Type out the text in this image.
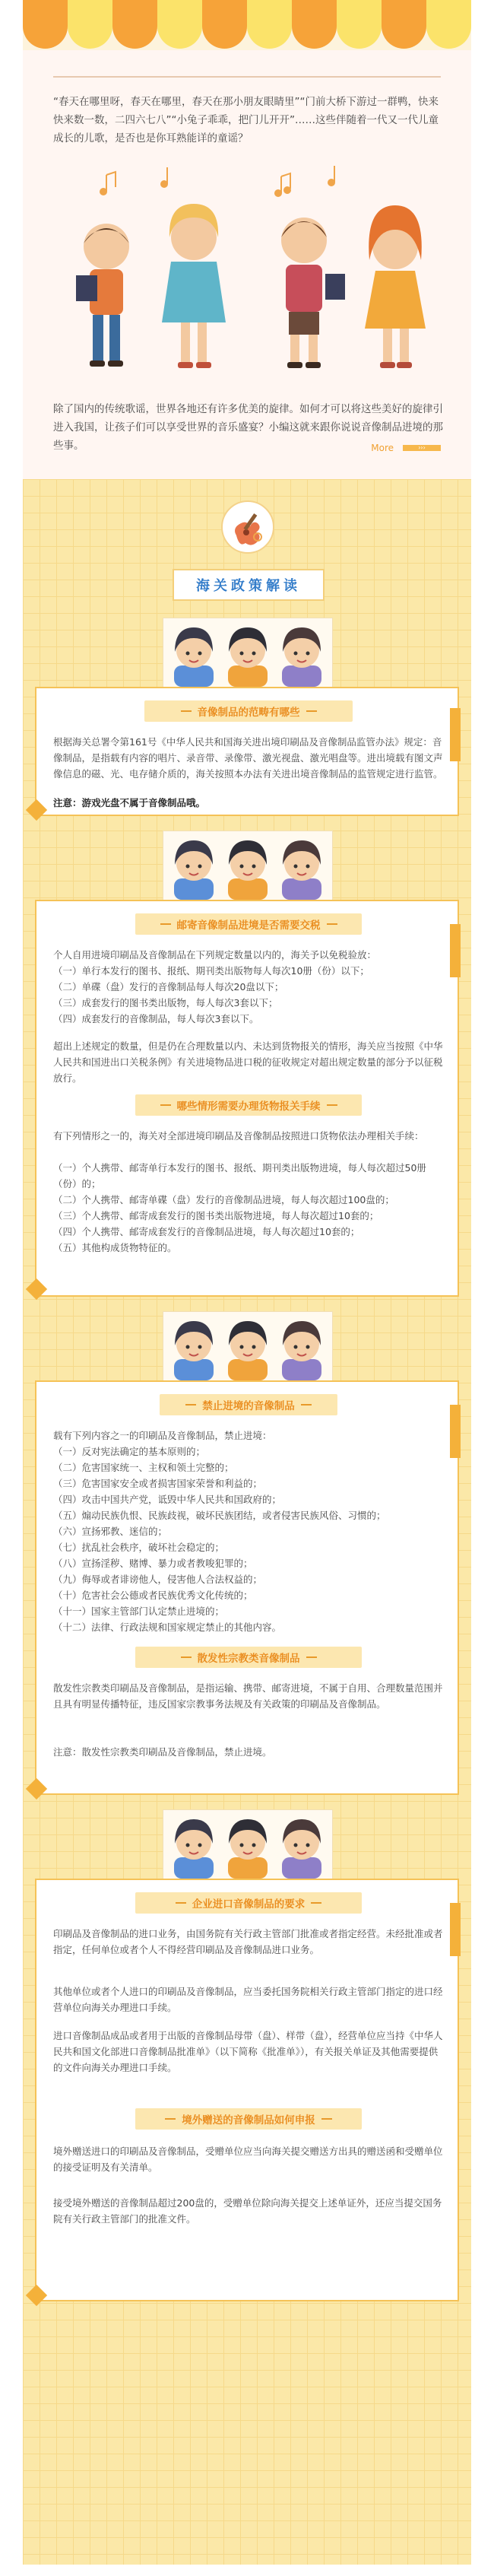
“春天在哪里呀，春天在哪里，春天在那小朋友眼睛里”“门前大桥下游过一群鸭，快来快来数一数，二四六七八”“小兔子乖乖，把门儿开开”……这些伴随着一代又一代儿童成长的儿歌，是否也是你耳熟能详的童谣？
除了国内的传统歌谣，世界各地还有许多优美的旋律。如何才可以将这些美好的旋律引进入我国，让孩子们可以享受世界的音乐盛宴？小编这就来跟你说说音像制品进境的那些事。	More	›››
海关政策解读
音像制品的范畴有哪些
根据海关总署令第161号《中华人民共和国海关进出境印刷品及音像制品监管办法》规定：音像制品，是指载有内容的唱片、录音带、录像带、激光视盘、激光唱盘等。进出境载有图文声像信息的磁、光、电存储介质的，海关按照本办法有关进出境音像制品的监管规定进行监管。
注意：游戏光盘不属于音像制品哦。
邮寄音像制品进境是否需要交税
个人自用进境印刷品及音像制品在下列规定数量以内的，海关予以免税验放：
（一）单行本发行的图书、报纸、期刊类出版物每人每次10册（份）以下；
（二）单碟（盘）发行的音像制品每人每次20盘以下；
（三）成套发行的图书类出版物，每人每次3套以下；
（四）成套发行的音像制品，每人每次3套以下。
超出上述规定的数量，但是仍在合理数量以内、未达到货物报关的情形，海关应当按照《中华人民共和国进出口关税条例》有关进境物品进口税的征收规定对超出规定数量的部分予以征税放行。
哪些情形需要办理货物报关手续
有下列情形之一的，海关对全部进境印刷品及音像制品按照进口货物依法办理相关手续：
（一）个人携带、邮寄单行本发行的图书、报纸、期刊类出版物进境，每人每次超过50册（份）的；
（二）个人携带、邮寄单碟（盘）发行的音像制品进境，每人每次超过100盘的；
（三）个人携带、邮寄成套发行的图书类出版物进境，每人每次超过10套的；
（四）个人携带、邮寄成套发行的音像制品进境，每人每次超过10套的；
（五）其他构成货物特征的。
禁止进境的音像制品
载有下列内容之一的印刷品及音像制品，禁止进境：
（一）反对宪法确定的基本原则的；
（二）危害国家统一、主权和领土完整的；
（三）危害国家安全或者损害国家荣誉和利益的；
（四）攻击中国共产党，诋毁中华人民共和国政府的；
（五）煽动民族仇恨、民族歧视，破坏民族团结，或者侵害民族风俗、习惯的；
（六）宣扬邪教、迷信的；
（七）扰乱社会秩序，破坏社会稳定的；
（八）宣扬淫秽、赌博、暴力或者教唆犯罪的；
（九）侮辱或者诽谤他人，侵害他人合法权益的；
（十）危害社会公德或者民族优秀文化传统的；
（十一）国家主管部门认定禁止进境的；
（十二）法律、行政法规和国家规定禁止的其他内容。
散发性宗教类音像制品
散发性宗教类印刷品及音像制品，是指运输、携带、邮寄进境，不属于自用、合理数量范围并且具有明显传播特征，违反国家宗教事务法规及有关政策的印刷品及音像制品。
注意：散发性宗教类印刷品及音像制品，禁止进境。
企业进口音像制品的要求
印刷品及音像制品的进口业务，由国务院有关行政主管部门批准或者指定经营。未经批准或者指定，任何单位或者个人不得经营印刷品及音像制品进口业务。
其他单位或者个人进口的印刷品及音像制品，应当委托国务院相关行政主管部门指定的进口经营单位向海关办理进口手续。
进口音像制品成品或者用于出版的音像制品母带（盘）、样带（盘），经营单位应当持《中华人民共和国文化部进口音像制品批准单》（以下简称《批准单》），有关报关单证及其他需要提供的文件向海关办理进口手续。
境外赠送的音像制品如何申报
境外赠送进口的印刷品及音像制品，受赠单位应当向海关提交赠送方出具的赠送函和受赠单位的接受证明及有关清单。
接受境外赠送的音像制品超过200盘的，受赠单位除向海关提交上述单证外，还应当提交国务院有关行政主管部门的批准文件。
